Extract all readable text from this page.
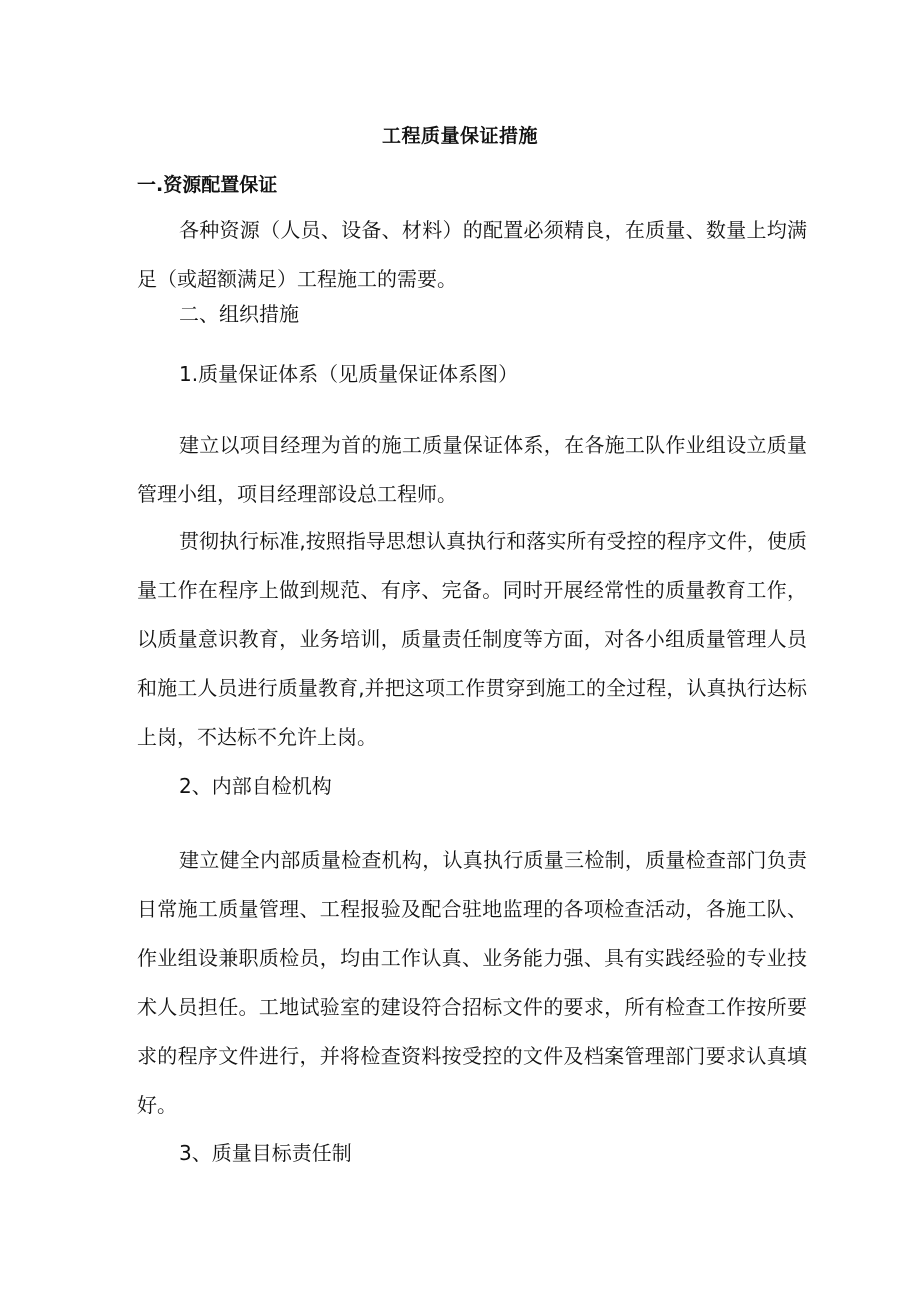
工程质量保证措施
一.资源配置保证

各种资源（人员、设备、材料）的配置必须精良，在质量、数量上均满足（或超额满足）工程施工的需要。

二、组织措施

1.质量保证体系（见质量保证体系图）

建立以项目经理为首的施工质量保证体系，在各施工队作业组设立质量管理小组，项目经理部设总工程师。

贯彻执行标准,按照指导思想认真执行和落实所有受控的程序文件，使质量工作在程序上做到规范、有序、完备。同时开展经常性的质量教育工作，以质量意识教育，业务培训，质量责任制度等方面，对各小组质量管理人员和施工人员进行质量教育,并把这项工作贯穿到施工的全过程，认真执行达标上岗，不达标不允许上岗。

2、内部自检机构

建立健全内部质量检查机构，认真执行质量三检制，质量检查部门负责日常施工质量管理、工程报验及配合驻地监理的各项检查活动，各施工队、作业组设兼职质检员，均由工作认真、业务能力强、具有实践经验的专业技术人员担任。工地试验室的建设符合招标文件的要求，所有检查工作按所要求的程序文件进行，并将检查资料按受控的文件及档案管理部门要求认真填好。

3、质量目标责任制
